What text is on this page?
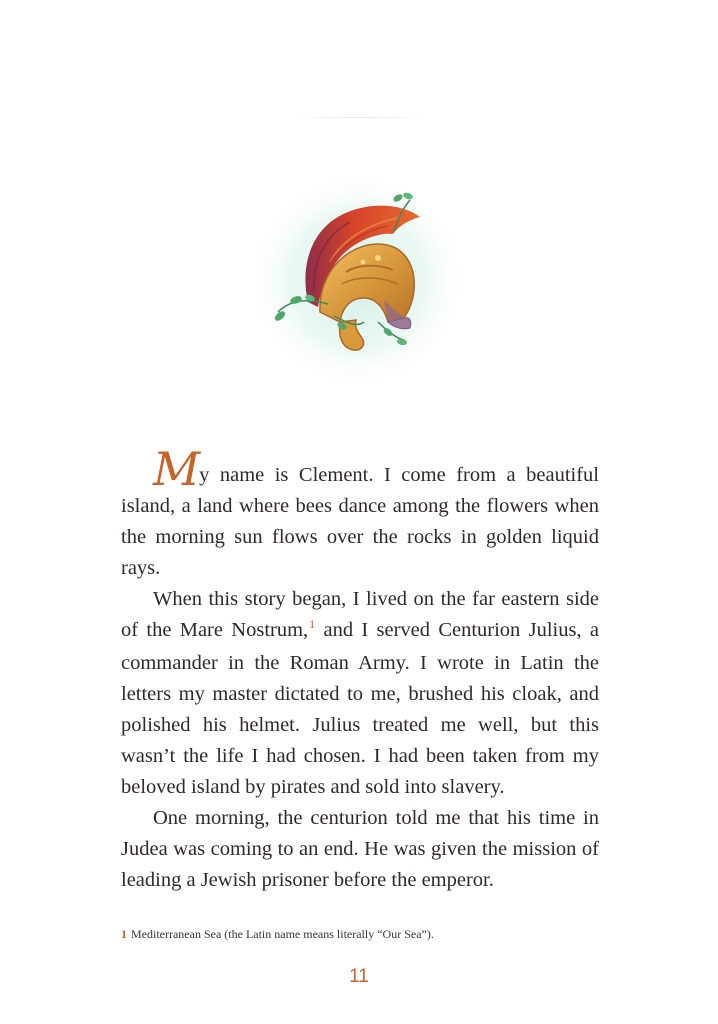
My name is Clement. I come from a beautiful island, a land where bees dance among the flowers when the morning sun flows over the rocks in golden liquid rays.

When this story began, I lived on the far eastern side of the Mare Nostrum,$^1$ and I served Centurion Julius, a commander in the Roman Army. I wrote in Latin the letters my master dictated to me, brushed his cloak, and polished his helmet. Julius treated me well, but this wasn’t the life I had chosen. I had been taken from my beloved island by pirates and sold into slavery.

One morning, the centurion told me that his time in Judea was coming to an end. He was given the mission of leading a Jewish prisoner before the emperor.

1 Mediterranean Sea (the Latin name means literally “Our Sea”).
11
